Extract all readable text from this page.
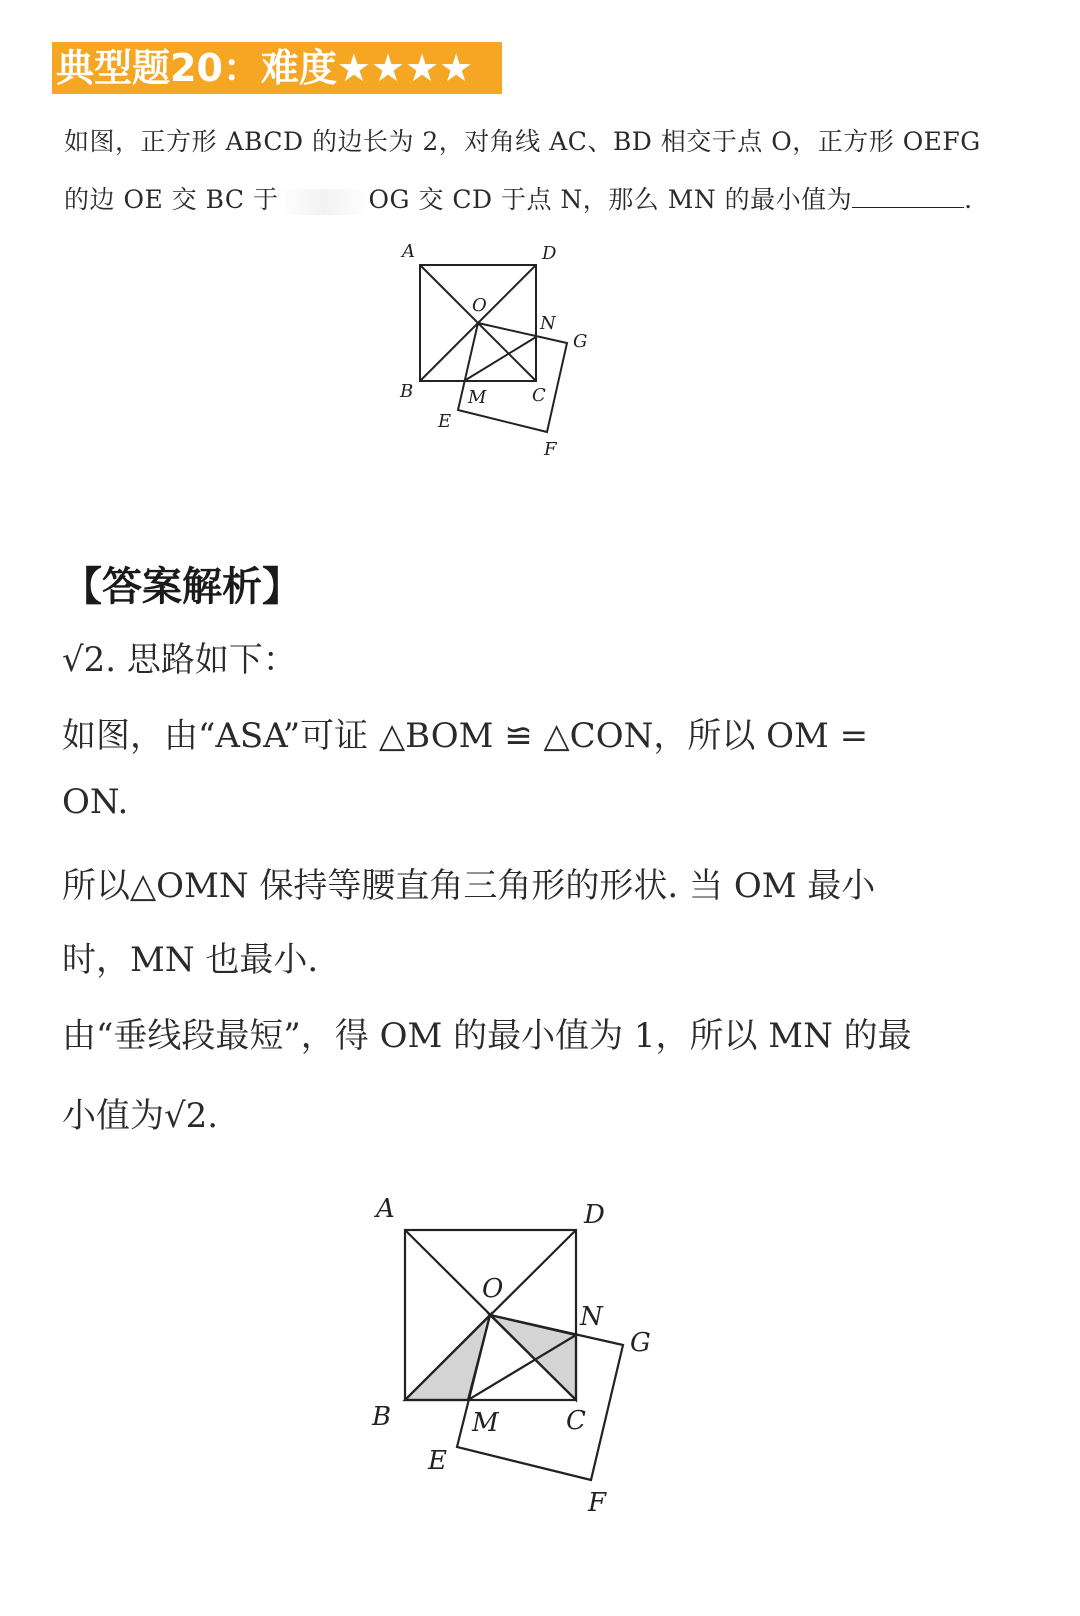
典型题20：难度★★★★
如图，正方形 ABCD 的边长为 2，对角线 AC、BD 相交于点 O，正方形 OEFG
的边 OE 交 BC 于	OG 交 CD 于点 N，那么 MN 的最小值为	.
A	D
O
N
G
B	M	C
E
F
【答案解析】
√2. 思路如下：
如图，由“ASA”可证 △BOM ≌ △CON，所以 OM =
ON.
所以△OMN 保持等腰直角三角形的形状. 当 OM 最小
时，MN 也最小.
由“垂线段最短”，得 OM 的最小值为 1，所以 MN 的最
小值为√2.
A	D
O
N
G
B	M	C
E
F
